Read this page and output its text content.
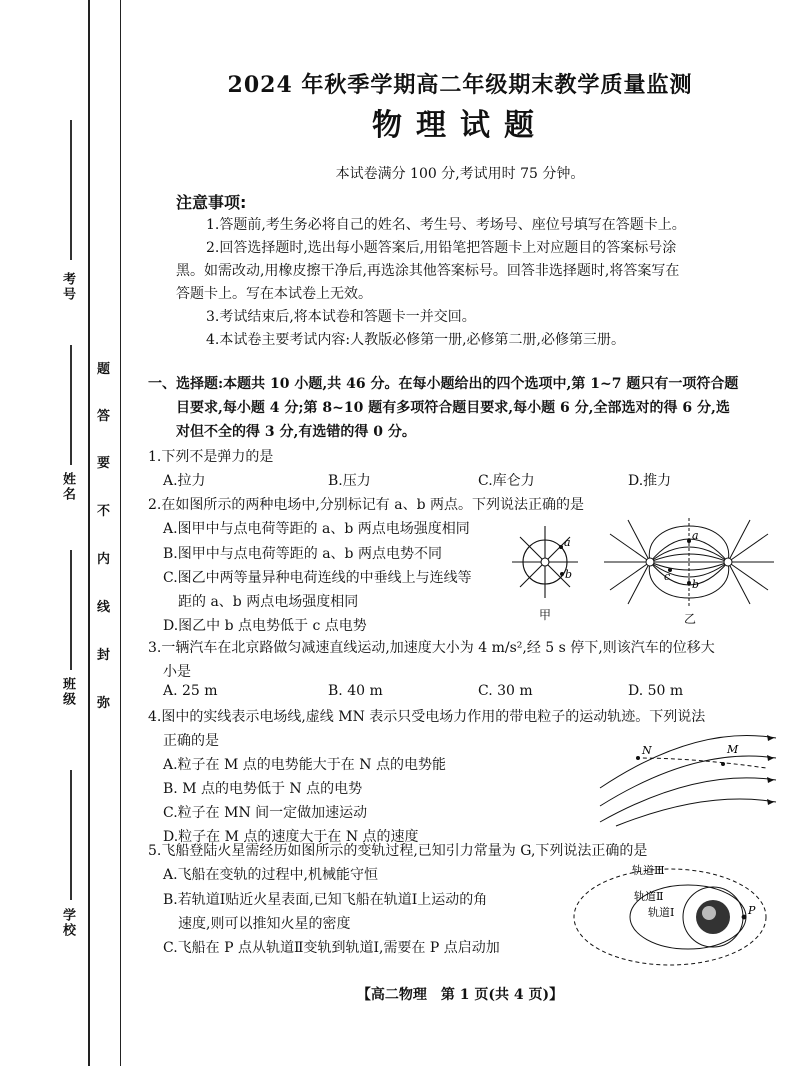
考号
姓名
班级
学校
题
答
要
不
内
线
封
弥
2024 年秋季学期高二年级期末教学质量监测
物理试题
本试卷满分 100 分,考试用时 75 分钟。
注意事项:
1.答题前,考生务必将自己的姓名、考生号、考场号、座位号填写在答题卡上。
2.回答选择题时,选出每小题答案后,用铅笔把答题卡上对应题目的答案标号涂
黑。如需改动,用橡皮擦干净后,再选涂其他答案标号。回答非选择题时,将答案写在
答题卡上。写在本试卷上无效。
3.考试结束后,将本试卷和答题卡一并交回。
4.本试卷主要考试内容:人教版必修第一册,必修第二册,必修第三册。
一、选择题:本题共 10 小题,共 46 分。在每小题给出的四个选项中,第 1~7 题只有一项符合题
目要求,每小题 4 分;第 8~10 题有多项符合题目要求,每小题 6 分,全部选对的得 6 分,选
对但不全的得 3 分,有选错的得 0 分。
1.下列不是弹力的是
A.拉力	B.压力	C.库仑力	D.推力
2.在如图所示的两种电场中,分别标记有 a、b 两点。下列说法正确的是
A.图甲中与点电荷等距的 a、b 两点电场强度相同
B.图甲中与点电荷等距的 a、b 两点电势不同
C.图乙中两等量异种电荷连线的中垂线上与连线等
距的 a、b 两点电场强度相同
D.图乙中 b 点电势低于 c 点电势
a
b
甲
a
b
c
乙
3.一辆汽车在北京路做匀减速直线运动,加速度大小为 4 m/s²,经 5 s 停下,则该汽车的位移大
小是
A. 25 m	B. 40 m	C. 30 m	D. 50 m
4.图中的实线表示电场线,虚线 MN 表示只受电场力作用的带电粒子的运动轨迹。下列说法
正确的是
A.粒子在 M 点的电势能大于在 N 点的电势能
B. M 点的电势低于 N 点的电势
C.粒子在 MN 间一定做加速运动
D.粒子在 M 点的速度大于在 N 点的速度
N	M
5.飞船登陆火星需经历如图所示的变轨过程,已知引力常量为 G,下列说法正确的是
A.飞船在变轨的过程中,机械能守恒
B.若轨道Ⅰ贴近火星表面,已知飞船在轨道Ⅰ上运动的角
速度,则可以推知火星的密度
C.飞船在 P 点从轨道Ⅱ变轨到轨道Ⅰ,需要在 P 点启动加
轨道Ⅲ
轨道Ⅱ
轨道Ⅰ	P
【高二物理　第 1 页(共 4 页)】
